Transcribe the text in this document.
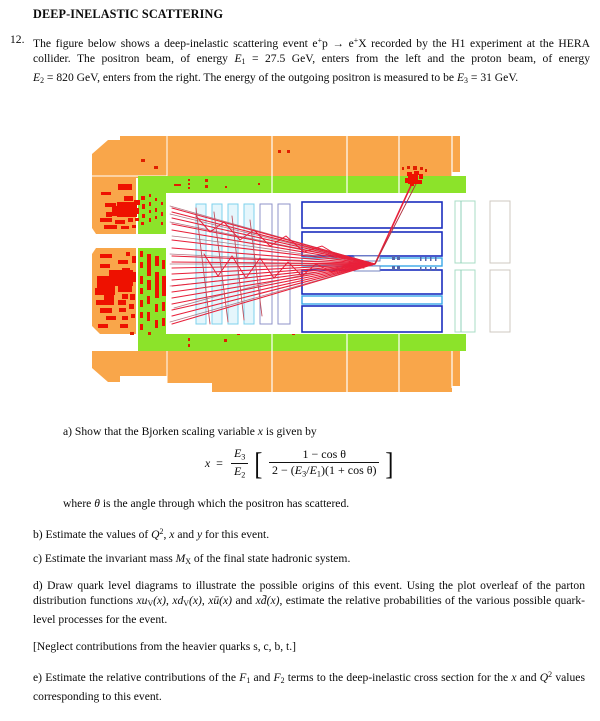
DEEP-INELASTIC SCATTERING
12. The figure below shows a deep-inelastic scattering event e+p → e+X recorded by the H1 experiment at the HERA collider. The positron beam, of energy E1 = 27.5 GeV, enters from the left and the proton beam, of energy E2 = 820 GeV, enters from the right. The energy of the outgoing positron is measured to be E3 = 31 GeV.
a) Show that the Bjorken scaling variable x is given by
$x = \frac{E3}{E2}$ [ $\frac{\text{1 − cos θ}}{\text{2 − (E3/E1)(1 + cos θ)}}$ ]
where θ is the angle through which the positron has scattered.
b) Estimate the values of $Q^2$, x and y for this event.
c) Estimate the invariant mass MX of the final state hadronic system.
d) Draw quark level diagrams to illustrate the possible origins of this event. Using the plot overleaf of the parton distribution functions xuV(x), xdV(x), xū(x) and xd̄(x), estimate the relative probabilities of the various possible quark-level processes for the event.
[Neglect contributions from the heavier quarks s, c, b, t.]
e) Estimate the relative contributions of the F1 and F2 terms to the deep-inelastic cross section for the x and $Q^2$ values corresponding to this event.
